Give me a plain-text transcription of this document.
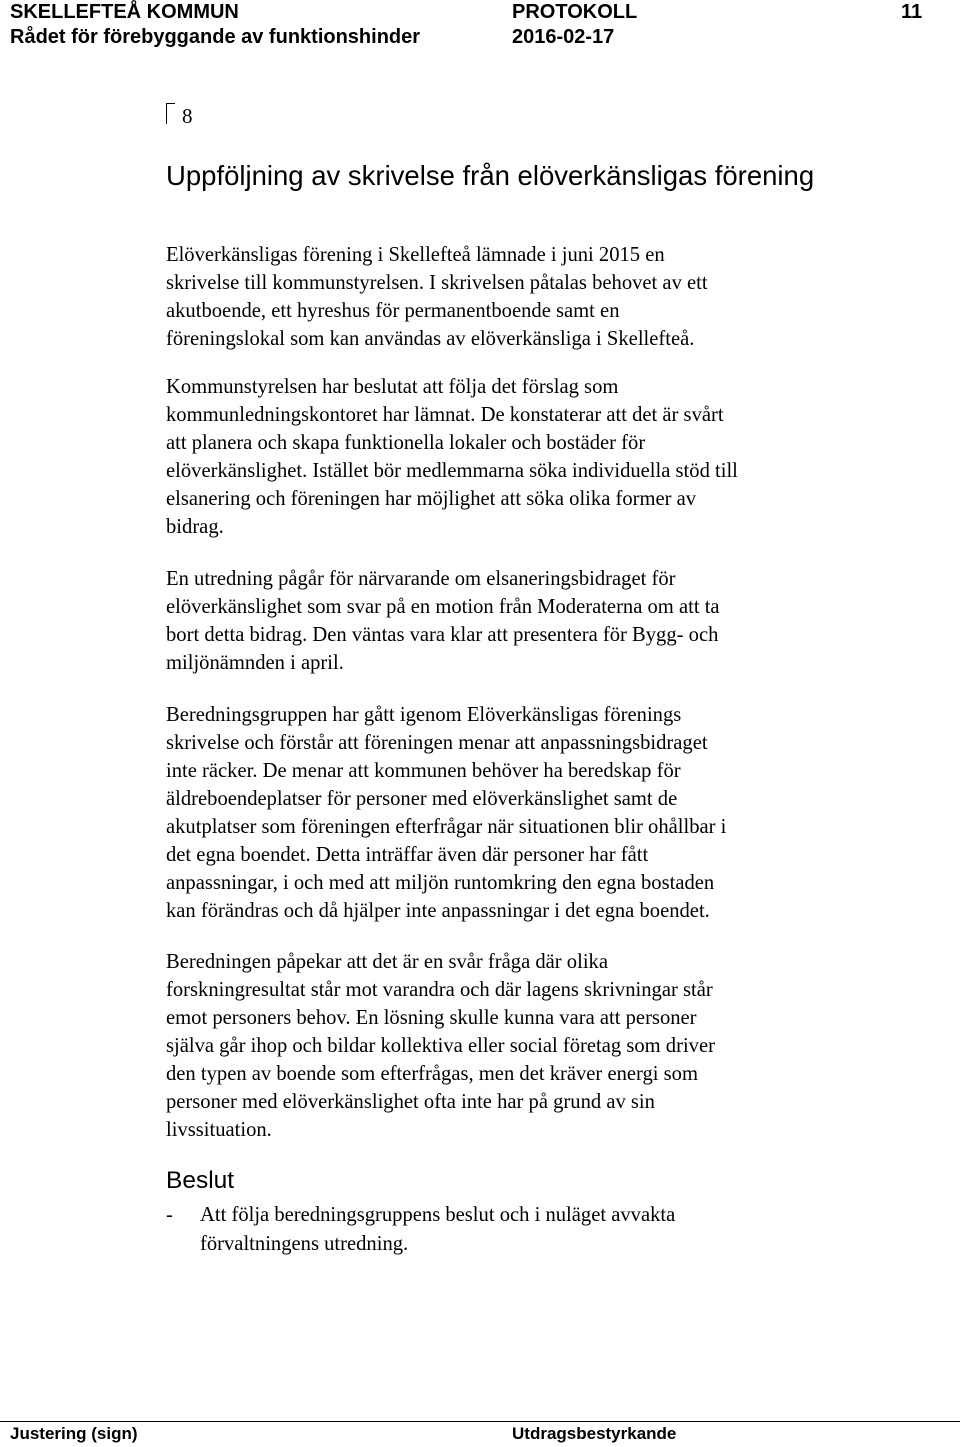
SKELLEFTEÅ KOMMUN	PROTOKOLL	11
Rådet för förebyggande av funktionshinder	2016-02-17
8
Uppföljning av skrivelse från elöverkänsligas förening
Elöverkänsligas förening i Skellefteå lämnade i juni 2015 en
skrivelse till kommunstyrelsen. I skrivelsen påtalas behovet av ett
akutboende, ett hyreshus för permanentboende samt en
föreningslokal som kan användas av elöverkänsliga i Skellefteå.
Kommunstyrelsen har beslutat att följa det förslag som
kommunledningskontoret har lämnat. De konstaterar att det är svårt
att planera och skapa funktionella lokaler och bostäder för
elöverkänslighet. Istället bör medlemmarna söka individuella stöd till
elsanering och föreningen har möjlighet att söka olika former av
bidrag.
En utredning pågår för närvarande om elsaneringsbidraget för
elöverkänslighet som svar på en motion från Moderaterna om att ta
bort detta bidrag. Den väntas vara klar att presentera för Bygg- och
miljönämnden i april.
Beredningsgruppen har gått igenom Elöverkänsligas förenings
skrivelse och förstår att föreningen menar att anpassningsbidraget
inte räcker. De menar att kommunen behöver ha beredskap för
äldreboendeplatser för personer med elöverkänslighet samt de
akutplatser som föreningen efterfrågar när situationen blir ohållbar i
det egna boendet. Detta inträffar även där personer har fått
anpassningar, i och med att miljön runtomkring den egna bostaden
kan förändras och då hjälper inte anpassningar i det egna boendet.
Beredningen påpekar att det är en svår fråga där olika
forskningresultat står mot varandra och där lagens skrivningar står
emot personers behov. En lösning skulle kunna vara att personer
själva går ihop och bildar kollektiva eller social företag som driver
den typen av boende som efterfrågas, men det kräver energi som
personer med elöverkänslighet ofta inte har på grund av sin
livssituation.
Beslut
- Att följa beredningsgruppens beslut och i nuläget avvakta
förvaltningens utredning.
Justering (sign)	Utdragsbestyrkande
